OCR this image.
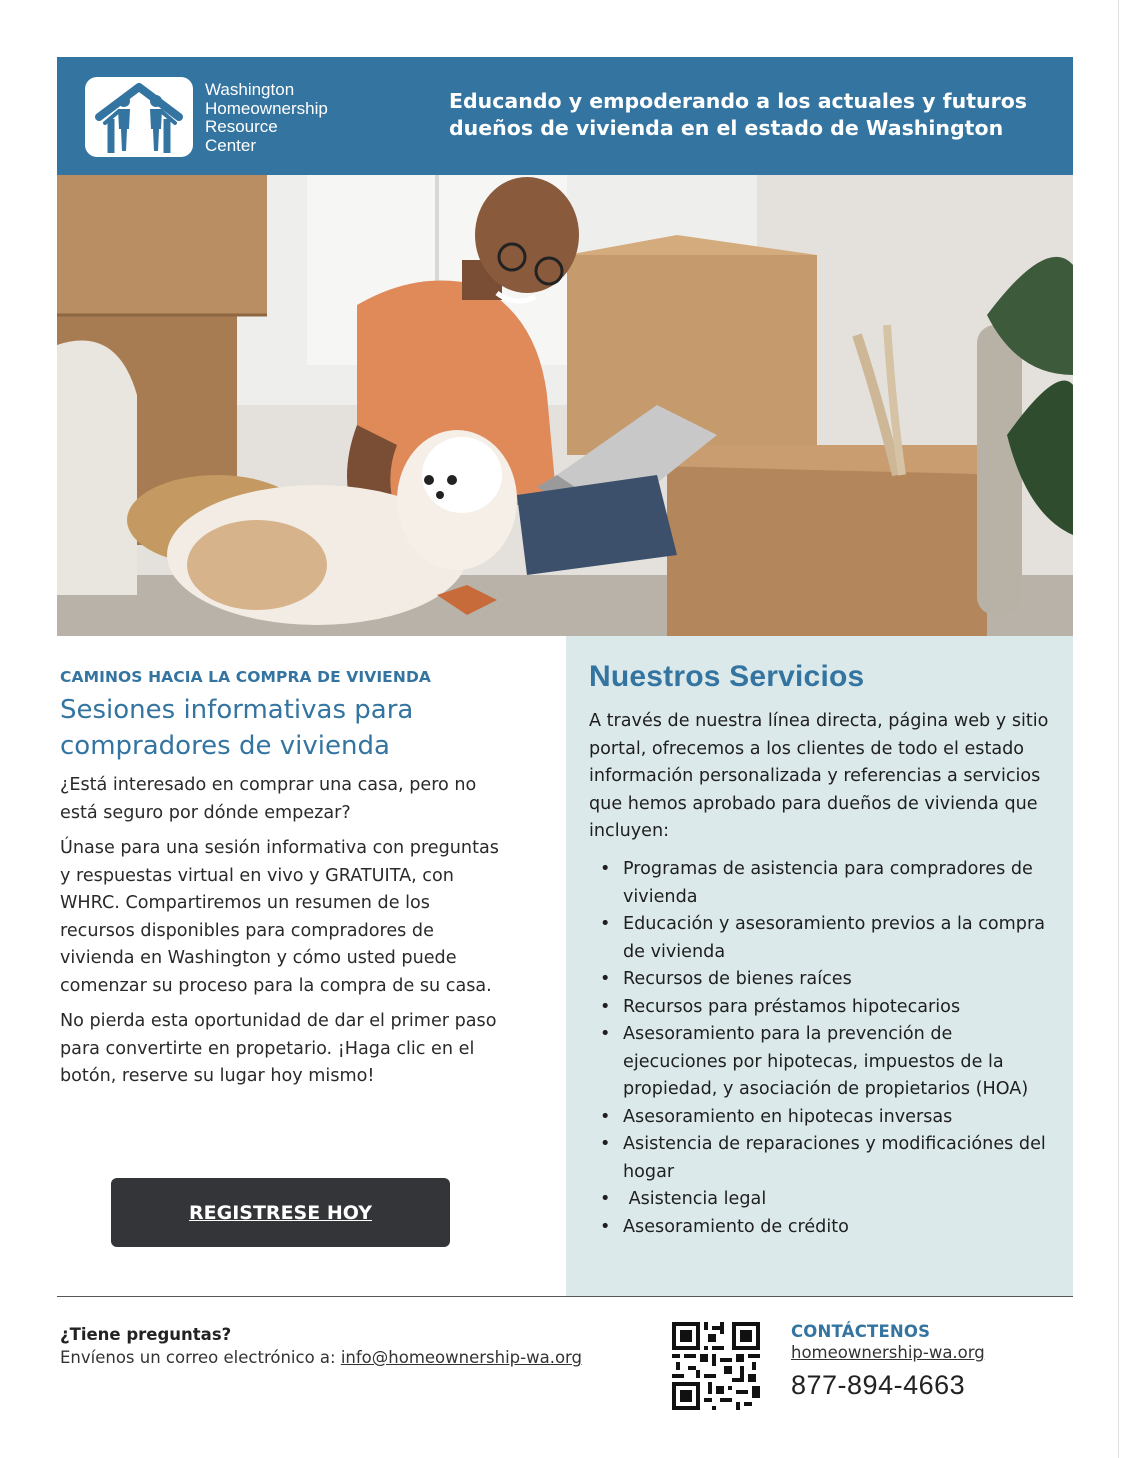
Washington
Homeownership
Resource
Center
Educando y empoderando a los actuales y futuros
dueños de vivienda en el estado de Washington

CAMINOS HACIA LA COMPRA DE VIVIENDA

Sesiones informativas para
compradores de vivienda

¿Está interesado en comprar una casa, pero no está seguro por dónde empezar?

Únase para una sesión informativa con preguntas y respuestas virtual en vivo y GRATUITA, con WHRC. Compartiremos un resumen de los recursos disponibles para compradores de vivienda en Washington y cómo usted puede comenzar su proceso para la compra de su casa.

No pierda esta oportunidad de dar el primer paso para convertirte en propetario. ¡Haga clic en el botón, reserve su lugar hoy mismo!

REGISTRESE HOY
Nuestros Servicios

A través de nuestra línea directa, página web y sitio portal, ofrecemos a los clientes de todo el estado información personalizada y referencias a servicios que hemos aprobado para dueños de vivienda que incluyen:

• Programas de asistencia para compradores de vivienda
• Educación y asesoramiento previos a la compra de vivienda
• Recursos de bienes raíces
• Recursos para préstamos hipotecarios
• Asesoramiento para la prevención de ejecuciones por hipotecas, impuestos de la propiedad, y asociación de propietarios (HOA)
• Asesoramiento en hipotecas inversas
• Asistencia de reparaciones y modificaciónes del hogar
• Asistencia legal
• Asesoramiento de crédito

¿Tiene preguntas?

Envíenos un correo electrónico a: info@homeownership-wa.org

CONTÁCTENOS

homeownership-wa.org

877-894-4663
